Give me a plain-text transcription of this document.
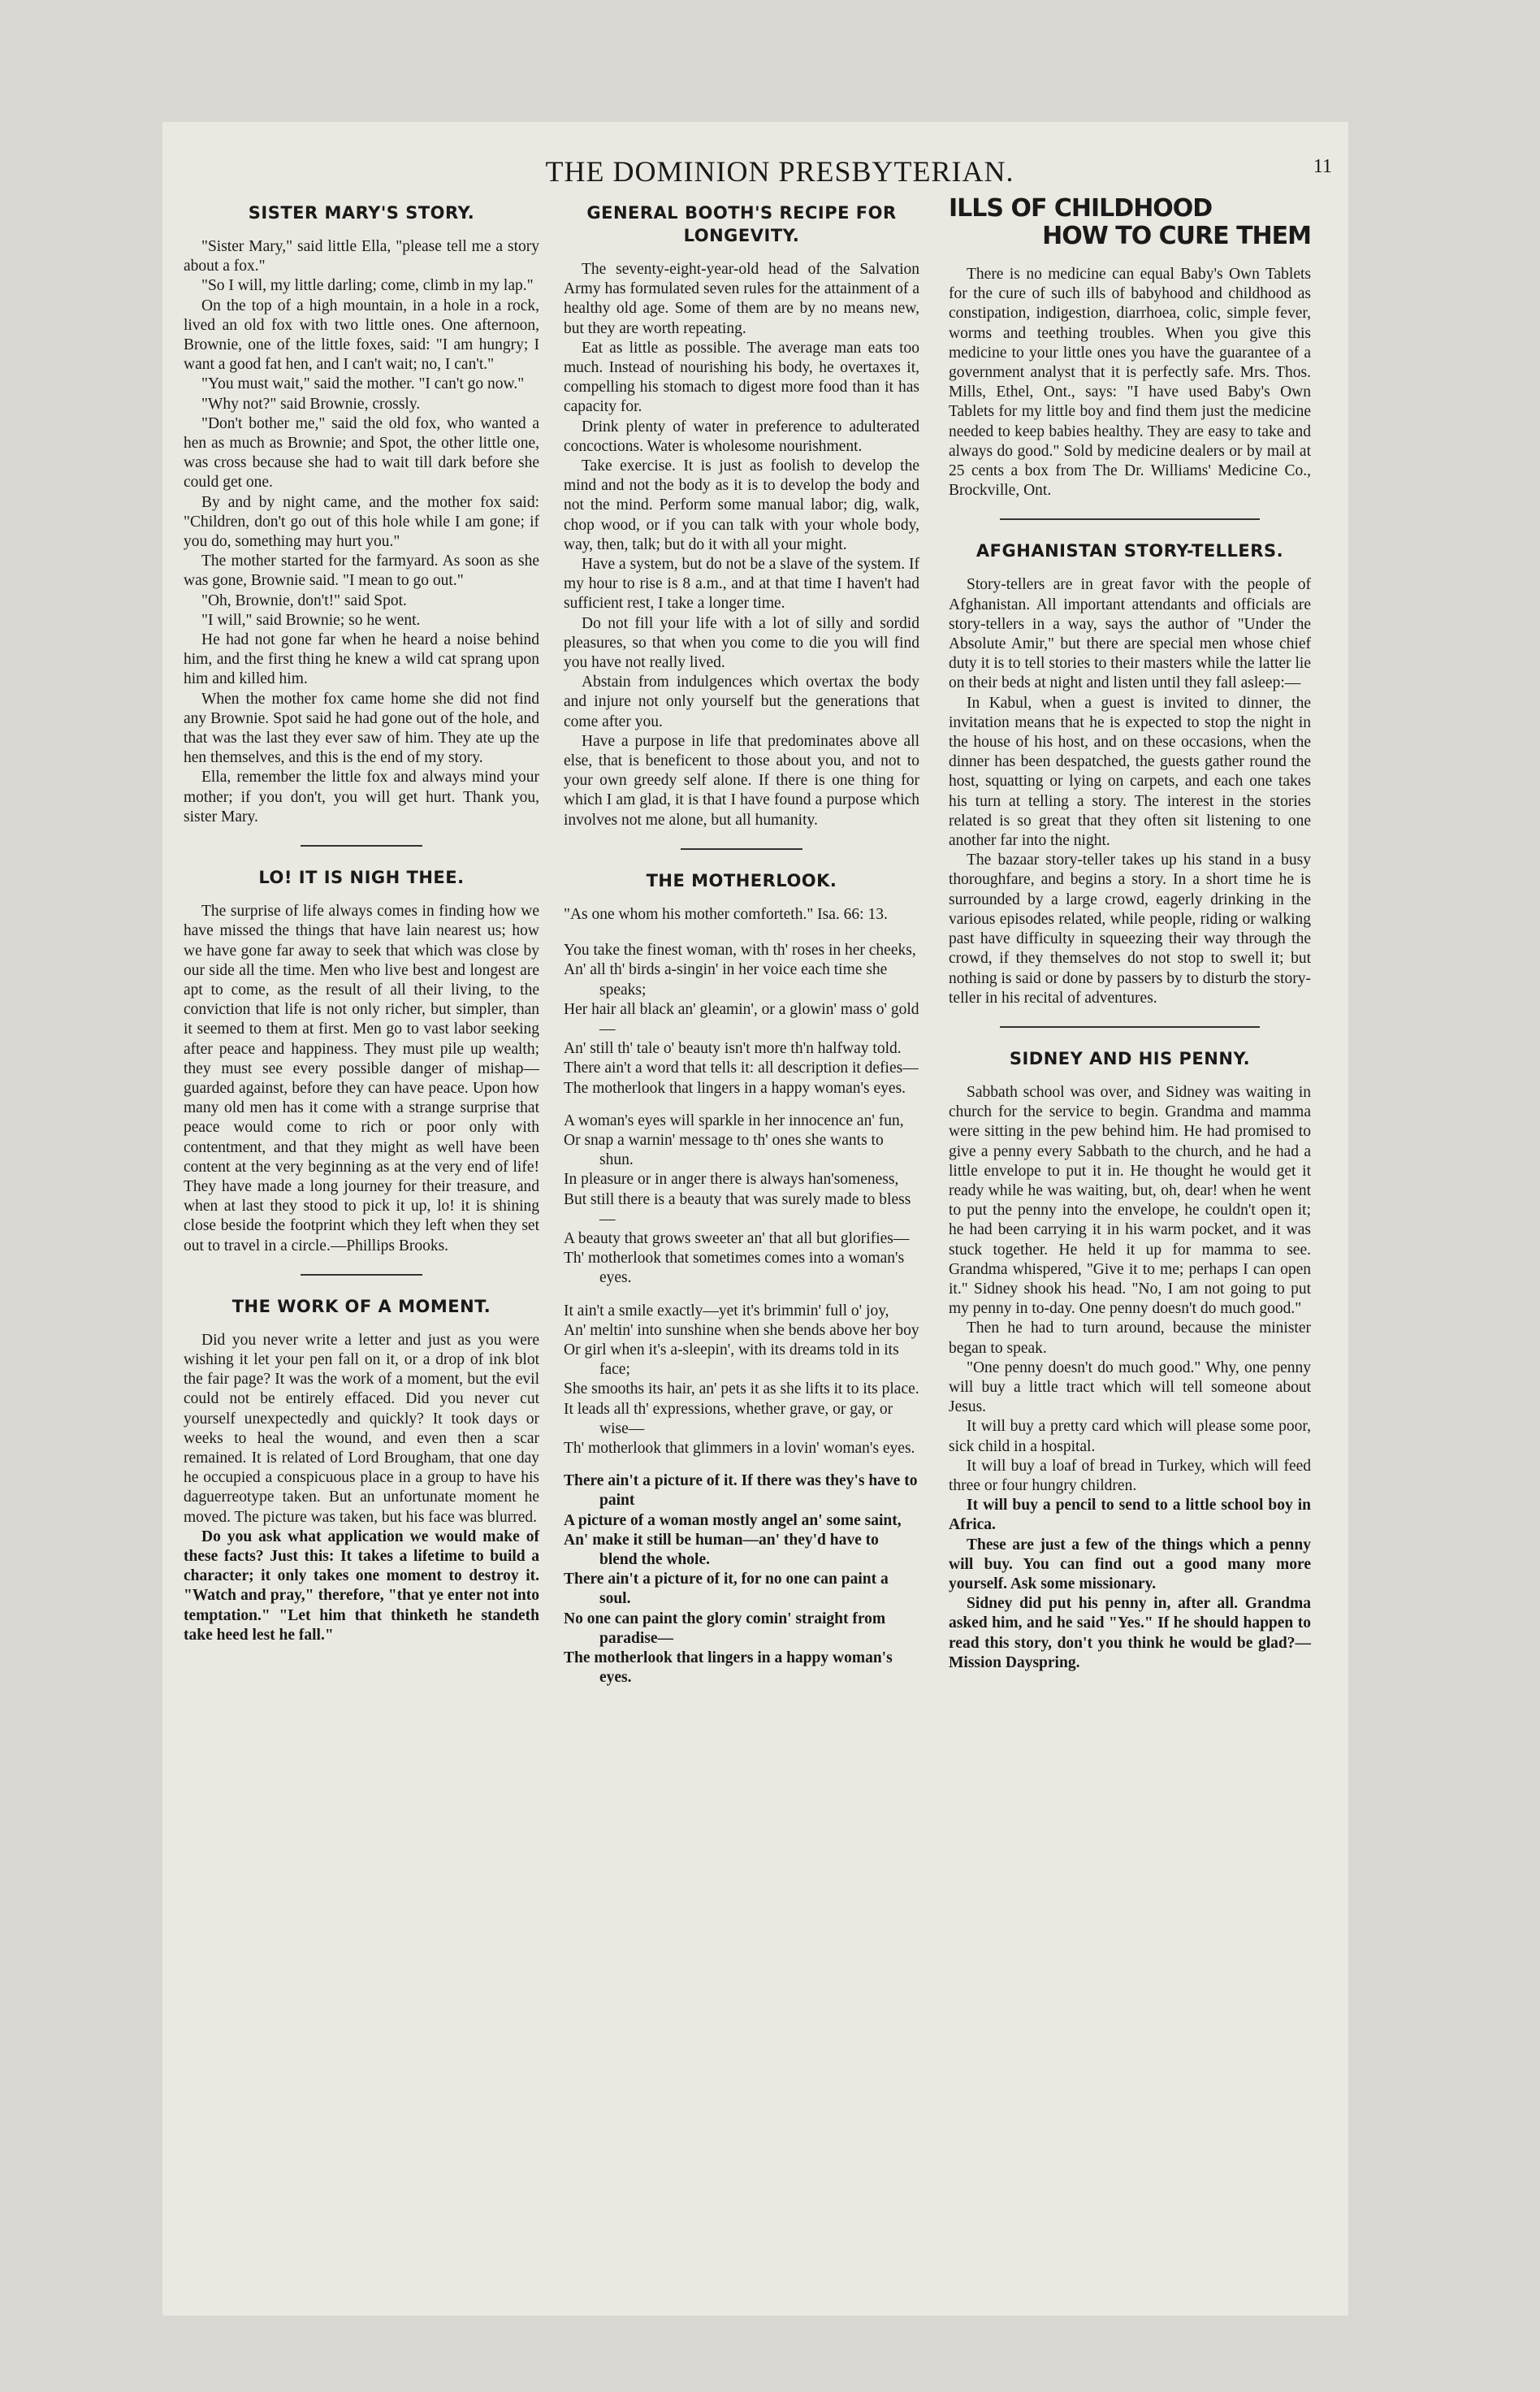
THE DOMINION PRESBYTERIAN.	11
SISTER MARY'S STORY.

"Sister Mary," said little Ella, "please tell me a story about a fox."

"So I will, my little darling; come, climb in my lap."

On the top of a high mountain, in a hole in a rock, lived an old fox with two little ones. One afternoon, Brownie, one of the little foxes, said: "I am hungry; I want a good fat hen, and I can't wait; no, I can't."

"You must wait," said the mother. "I can't go now."

"Why not?" said Brownie, crossly.

"Don't bother me," said the old fox, who wanted a hen as much as Brownie; and Spot, the other little one, was cross because she had to wait till dark before she could get one.

By and by night came, and the mother fox said: "Children, don't go out of this hole while I am gone; if you do, something may hurt you."

The mother started for the farmyard. As soon as she was gone, Brownie said. "I mean to go out."

"Oh, Brownie, don't!" said Spot.

"I will," said Brownie; so he went.

He had not gone far when he heard a noise behind him, and the first thing he knew a wild cat sprang upon him and killed him.

When the mother fox came home she did not find any Brownie. Spot said he had gone out of the hole, and that was the last they ever saw of him. They ate up the hen themselves, and this is the end of my story.

Ella, remember the little fox and always mind your mother; if you don't, you will get hurt. Thank you, sister Mary.

LO! IT IS NIGH THEE.

The surprise of life always comes in finding how we have missed the things that have lain nearest us; how we have gone far away to seek that which was close by our side all the time. Men who live best and longest are apt to come, as the result of all their living, to the conviction that life is not only richer, but simpler, than it seemed to them at first. Men go to vast labor seeking after peace and happiness. They must pile up wealth; they must see every possible danger of mishap—guarded against, before they can have peace. Upon how many old men has it come with a strange surprise that peace would come to rich or poor only with contentment, and that they might as well have been content at the very beginning as at the very end of life! They have made a long journey for their treasure, and when at last they stood to pick it up, lo! it is shining close beside the footprint which they left when they set out to travel in a circle.—Phillips Brooks.

THE WORK OF A MOMENT.

Did you never write a letter and just as you were wishing it let your pen fall on it, or a drop of ink blot the fair page? It was the work of a moment, but the evil could not be entirely effaced. Did you never cut yourself unexpectedly and quickly? It took days or weeks to heal the wound, and even then a scar remained. It is related of Lord Brougham, that one day he occupied a conspicuous place in a group to have his daguerreotype taken. But an unfortunate moment he moved. The picture was taken, but his face was blurred.

Do you ask what application we would make of these facts? Just this: It takes a lifetime to build a character; it only takes one moment to destroy it. "Watch and pray," therefore, "that ye enter not into temptation." "Let him that thinketh he standeth take heed lest he fall."

GENERAL BOOTH'S RECIPE FOR LONGEVITY.

The seventy-eight-year-old head of the Salvation Army has formulated seven rules for the attainment of a healthy old age. Some of them are by no means new, but they are worth repeating.

Eat as little as possible. The average man eats too much. Instead of nourishing his body, he overtaxes it, compelling his stomach to digest more food than it has capacity for.

Drink plenty of water in preference to adulterated concoctions. Water is wholesome nourishment.

Take exercise. It is just as foolish to develop the mind and not the body as it is to develop the body and not the mind. Perform some manual labor; dig, walk, chop wood, or if you can talk with your whole body, way, then, talk; but do it with all your might.

Have a system, but do not be a slave of the system. If my hour to rise is 8 a.m., and at that time I haven't had sufficient rest, I take a longer time.

Do not fill your life with a lot of silly and sordid pleasures, so that when you come to die you will find you have not really lived.

Abstain from indulgences which overtax the body and injure not only yourself but the generations that come after you.

Have a purpose in life that predominates above all else, that is beneficent to those about you, and not to your own greedy self alone. If there is one thing for which I am glad, it is that I have found a purpose which involves not me alone, but all humanity.

THE MOTHERLOOK.
"As one whom his mother comforteth." Isa. 66: 13.
You take the finest woman, with th' roses in her cheeks,
An' all th' birds a-singin' in her voice each time she speaks;
Her hair all black an' gleamin', or a glowin' mass o' gold—
An' still th' tale o' beauty isn't more th'n halfway told.
There ain't a word that tells it: all description it defies—
The motherlook that lingers in a happy woman's eyes.
A woman's eyes will sparkle in her innocence an' fun,
Or snap a warnin' message to th' ones she wants to shun.
In pleasure or in anger there is always han'someness,
But still there is a beauty that was surely made to bless—
A beauty that grows sweeter an' that all but glorifies—
Th' motherlook that sometimes comes into a woman's eyes.
It ain't a smile exactly—yet it's brimmin' full o' joy,
An' meltin' into sunshine when she bends above her boy
Or girl when it's a-sleepin', with its dreams told in its face;
She smooths its hair, an' pets it as she lifts it to its place.
It leads all th' expressions, whether grave, or gay, or wise—
Th' motherlook that glimmers in a lovin' woman's eyes.
There ain't a picture of it. If there was they's have to paint
A picture of a woman mostly angel an' some saint,
An' make it still be human—an' they'd have to blend the whole.
There ain't a picture of it, for no one can paint a soul.
No one can paint the glory comin' straight from paradise—
The motherlook that lingers in a happy woman's eyes.
ILLS OF CHILDHOOD
HOW TO CURE THEM

There is no medicine can equal Baby's Own Tablets for the cure of such ills of babyhood and childhood as constipation, indigestion, diarrhoea, colic, simple fever, worms and teething troubles. When you give this medicine to your little ones you have the guarantee of a government analyst that it is perfectly safe. Mrs. Thos. Mills, Ethel, Ont., says: "I have used Baby's Own Tablets for my little boy and find them just the medicine needed to keep babies healthy. They are easy to take and always do good." Sold by medicine dealers or by mail at 25 cents a box from The Dr. Williams' Medicine Co., Brockville, Ont.

AFGHANISTAN STORY-TELLERS.

Story-tellers are in great favor with the people of Afghanistan. All important attendants and officials are story-tellers in a way, says the author of "Under the Absolute Amir," but there are special men whose chief duty it is to tell stories to their masters while the latter lie on their beds at night and listen until they fall asleep:—

In Kabul, when a guest is invited to dinner, the invitation means that he is expected to stop the night in the house of his host, and on these occasions, when the dinner has been despatched, the guests gather round the host, squatting or lying on carpets, and each one takes his turn at telling a story. The interest in the stories related is so great that they often sit listening to one another far into the night.

The bazaar story-teller takes up his stand in a busy thoroughfare, and begins a story. In a short time he is surrounded by a large crowd, eagerly drinking in the various episodes related, while people, riding or walking past have difficulty in squeezing their way through the crowd, if they themselves do not stop to swell it; but nothing is said or done by passers by to disturb the story-teller in his recital of adventures.

SIDNEY AND HIS PENNY.

Sabbath school was over, and Sidney was waiting in church for the service to begin. Grandma and mamma were sitting in the pew behind him. He had promised to give a penny every Sabbath to the church, and he had a little envelope to put it in. He thought he would get it ready while he was waiting, but, oh, dear! when he went to put the penny into the envelope, he couldn't open it; he had been carrying it in his warm pocket, and it was stuck together. He held it up for mamma to see. Grandma whispered, "Give it to me; perhaps I can open it." Sidney shook his head. "No, I am not going to put my penny in to-day. One penny doesn't do much good."

Then he had to turn around, because the minister began to speak.

"One penny doesn't do much good." Why, one penny will buy a little tract which will tell someone about Jesus.

It will buy a pretty card which will please some poor, sick child in a hospital.

It will buy a loaf of bread in Turkey, which will feed three or four hungry children.

It will buy a pencil to send to a little school boy in Africa.

These are just a few of the things which a penny will buy. You can find out a good many more yourself. Ask some missionary.

Sidney did put his penny in, after all. Grandma asked him, and he said "Yes." If he should happen to read this story, don't you think he would be glad?—Mission Dayspring.
